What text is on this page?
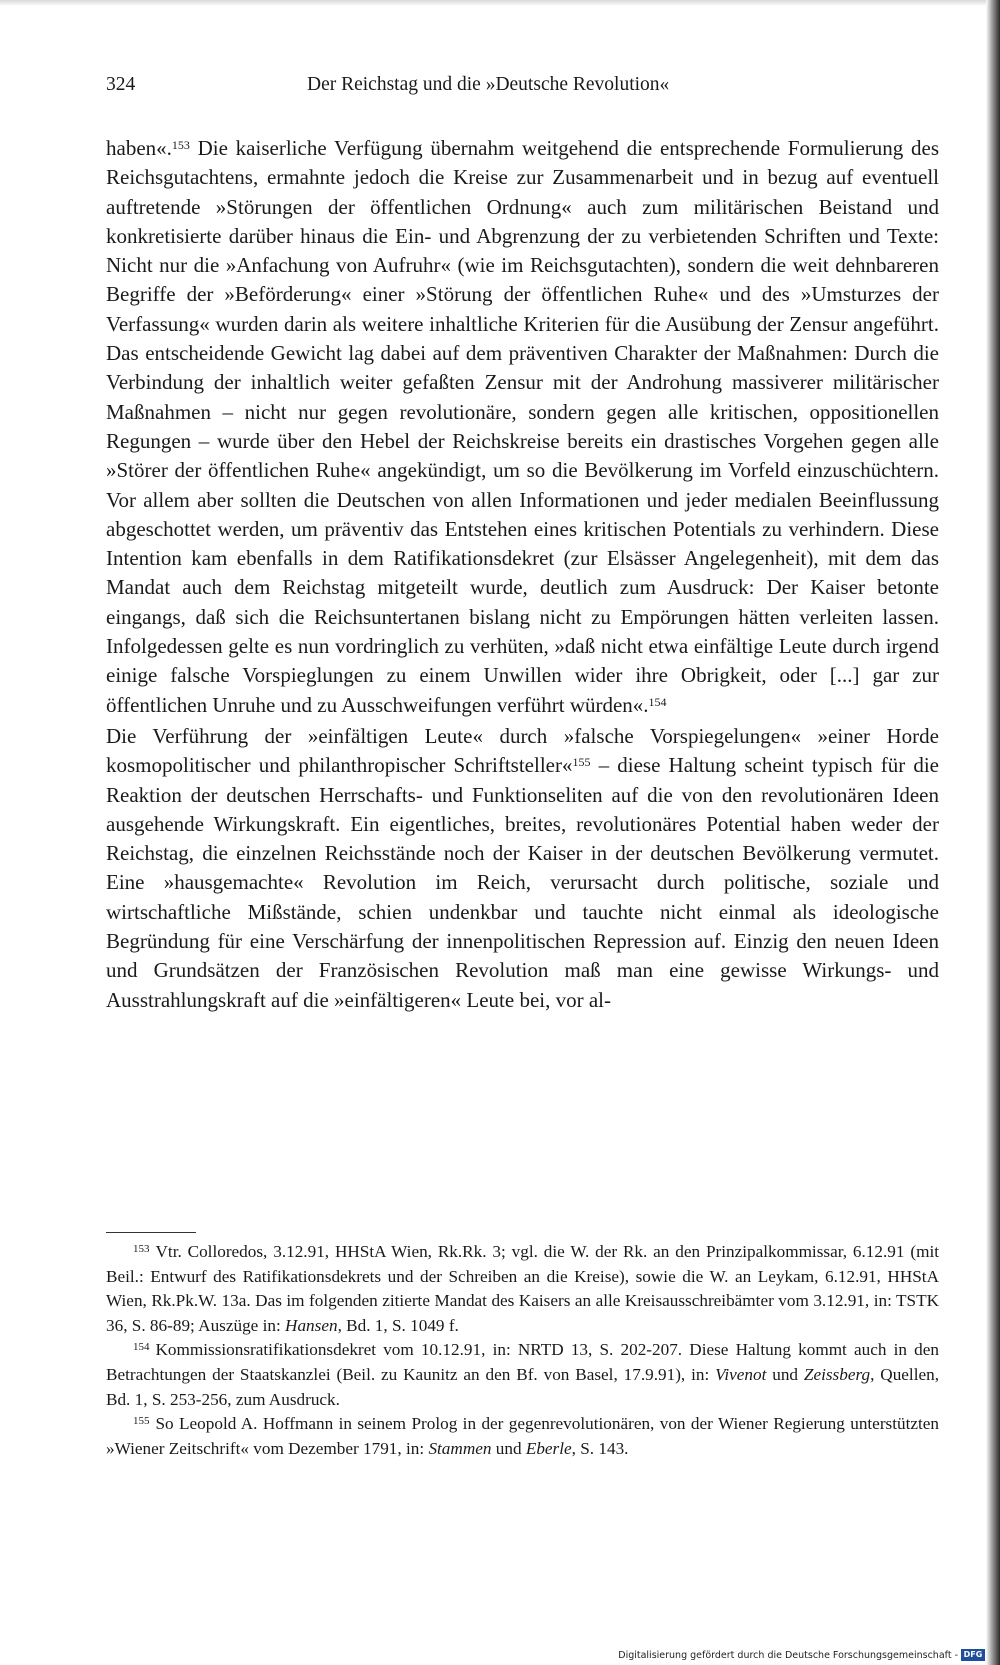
324	Der Reichstag und die »Deutsche Revolution«

haben«.$^{153}$ Die kaiserliche Verfügung übernahm weitgehend die entsprechende Formulierung des Reichsgutachtens, ermahnte jedoch die Kreise zur Zusammenarbeit und in bezug auf eventuell auftretende »Störungen der öffentlichen Ordnung« auch zum militärischen Beistand und konkretisierte darüber hinaus die Ein- und Abgrenzung der zu verbietenden Schriften und Texte: Nicht nur die »Anfachung von Aufruhr« (wie im Reichsgutachten), sondern die weit dehnbareren Begriffe der »Beförderung« einer »Störung der öffentlichen Ruhe« und des »Umsturzes der Verfassung« wurden darin als weitere inhaltliche Kriterien für die Ausübung der Zensur angeführt. Das entscheidende Gewicht lag dabei auf dem präventiven Charakter der Maßnahmen: Durch die Verbindung der inhaltlich weiter gefaßten Zensur mit der Androhung massiverer militärischer Maßnahmen – nicht nur gegen revolutionäre, sondern gegen alle kritischen, oppositionellen Regungen – wurde über den Hebel der Reichskreise bereits ein drastisches Vorgehen gegen alle »Störer der öffentlichen Ruhe« angekündigt, um so die Bevölkerung im Vorfeld einzuschüchtern. Vor allem aber sollten die Deutschen von allen Informationen und jeder medialen Beeinflussung abgeschottet werden, um präventiv das Entstehen eines kritischen Potentials zu verhindern. Diese Intention kam ebenfalls in dem Ratifikationsdekret (zur Elsässer Angelegenheit), mit dem das Mandat auch dem Reichstag mitgeteilt wurde, deutlich zum Ausdruck: Der Kaiser betonte eingangs, daß sich die Reichsuntertanen bislang nicht zu Empörungen hätten verleiten lassen. Infolgedessen gelte es nun vordringlich zu verhüten, »daß nicht etwa einfältige Leute durch irgend einige falsche Vorspieglungen zu einem Unwillen wider ihre Obrigkeit, oder [...] gar zur öffentlichen Unruhe und zu Ausschweifungen verführt würden«.$^{154}$

Die Verführung der »einfältigen Leute« durch »falsche Vorspiegelungen« »einer Horde kosmopolitischer und philanthropischer Schriftsteller«$^{155}$ – diese Haltung scheint typisch für die Reaktion der deutschen Herrschafts- und Funktionseliten auf die von den revolutionären Ideen ausgehende Wirkungskraft. Ein eigentliches, breites, revolutionäres Potential haben weder der Reichstag, die einzelnen Reichsstände noch der Kaiser in der deutschen Bevölkerung vermutet. Eine »hausgemachte« Revolution im Reich, verursacht durch politische, soziale und wirtschaftliche Mißstände, schien undenkbar und tauchte nicht einmal als ideologische Begründung für eine Verschärfung der innenpolitischen Repression auf. Einzig den neuen Ideen und Grundsätzen der Französischen Revolution maß man eine gewisse Wirkungs- und Ausstrahlungskraft auf die »einfältigeren« Leute bei, vor al-

$^{153}$ Vtr. Colloredos, 3.12.91, HHStA Wien, Rk.Rk. 3; vgl. die W. der Rk. an den Prinzipalkommissar, 6.12.91 (mit Beil.: Entwurf des Ratifikationsdekrets und der Schreiben an die Kreise), sowie die W. an Leykam, 6.12.91, HHStA Wien, Rk.Pk.W. 13a. Das im folgenden zitierte Mandat des Kaisers an alle Kreisausschreibämter vom 3.12.91, in: TSTK 36, S. 86-89; Auszüge in: Hansen, Bd. 1, S. 1049 f.

$^{154}$ Kommissionsratifikationsdekret vom 10.12.91, in: NRTD 13, S. 202-207. Diese Haltung kommt auch in den Betrachtungen der Staatskanzlei (Beil. zu Kaunitz an den Bf. von Basel, 17.9.91), in: Vivenot und Zeissberg, Quellen, Bd. 1, S. 253-256, zum Ausdruck.

$^{155}$ So Leopold A. Hoffmann in seinem Prolog in der gegenrevolutionären, von der Wiener Regierung unterstützten »Wiener Zeitschrift« vom Dezember 1791, in: Stammen und Eberle, S. 143.

Digitalisierung gefördert durch die Deutsche Forschungsgemeinschaft - DFG
